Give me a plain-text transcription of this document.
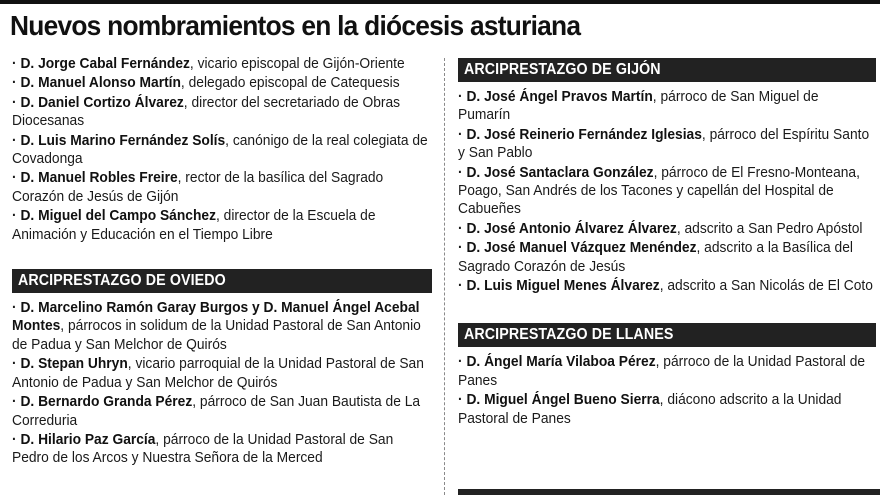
Nuevos nombramientos en la diócesis asturiana

· D. Jorge Cabal Fernández, vicario episcopal de Gijón-Oriente

· D. Manuel Alonso Martín, delegado episcopal de Catequesis

· D. Daniel Cortizo Álvarez, director del secretariado de Obras Diocesanas

· D. Luis Marino Fernández Solís, canónigo de la real colegiata de Covadonga

· D. Manuel Robles Freire, rector de la basílica del Sagrado Corazón de Jesús de Gijón

· D. Miguel del Campo Sánchez, director de la Escuela de Animación y Educación en el Tiempo Libre

ARCIPRESTAZGO DE OVIEDO

· D. Marcelino Ramón Garay Burgos y D. Manuel Ángel Acebal Montes, párrocos in solidum de la Unidad Pastoral de San Antonio de Padua y San Melchor de Quirós

· D. Stepan Uhryn, vicario parroquial de la Unidad Pastoral de San Antonio de Padua y San Melchor de Quirós

· D. Bernardo Granda Pérez, párroco de San Juan Bautista de La Correduria

· D. Hilario Paz García, párroco de la Unidad Pastoral de San Pedro de los Arcos y Nuestra Señora de la Merced

ARCIPRESTAZGO DE GIJÓN

· D. José Ángel Pravos Martín, párroco de San Miguel de Pumarín

· D. José Reinerio Fernández Iglesias, párroco del Espíritu Santo y San Pablo

· D. José Santaclara González, párroco de El Fresno-Monteana, Poago, San Andrés de los Tacones y capellán del Hospital de Cabueñes

· D. José Antonio Álvarez Álvarez, adscrito a San Pedro Apóstol

· D. José Manuel Vázquez Menéndez, adscrito a la Basílica del Sagrado Corazón de Jesús

· D. Luis Miguel Menes Álvarez, adscrito a San Nicolás de El Coto

ARCIPRESTAZGO DE LLANES

· D. Ángel María Vilaboa Pérez, párroco de la Unidad Pastoral de Panes

· D. Miguel Ángel Bueno Sierra, diácono adscrito a la Unidad Pastoral de Panes
